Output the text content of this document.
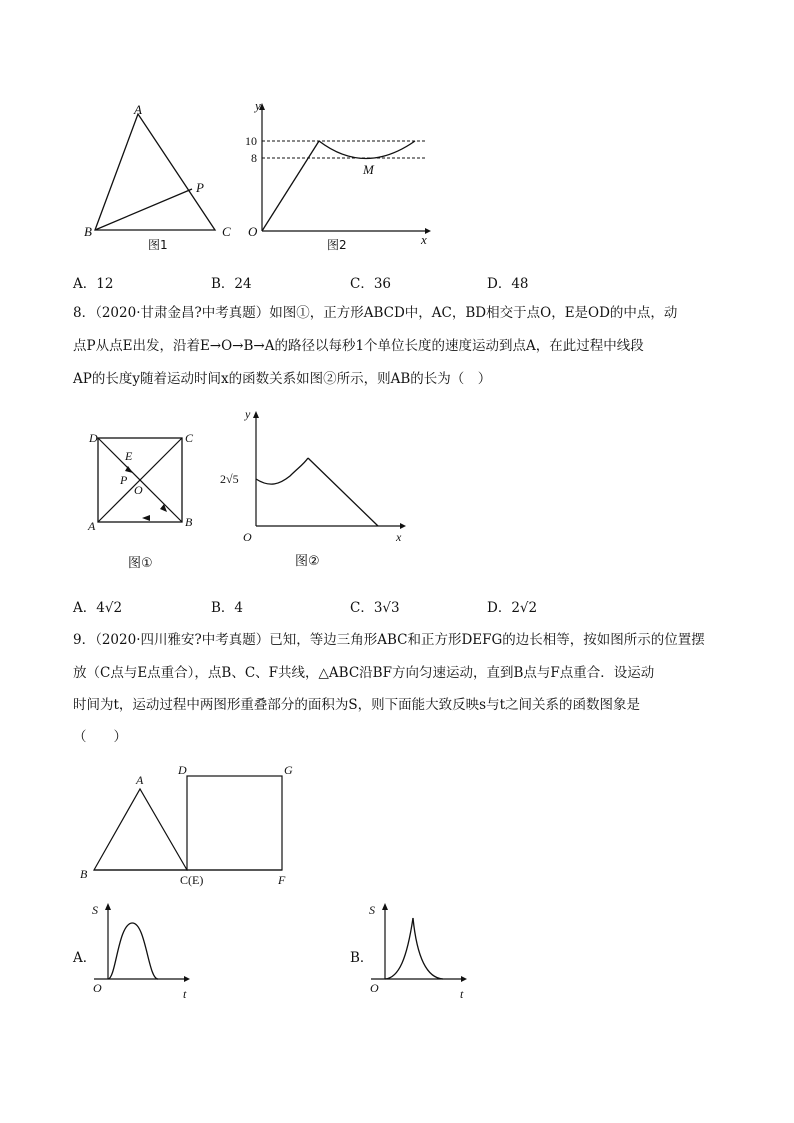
A
B	C
P
图1
y
x
O
10
8
M
图2
A．12	B．24	C．36	D．48
8．（2020·甘肃金昌?中考真题）如图①，正方形ABCD中，AC，BD相交于点O，E是OD的中点，动
点P从点E出发，沿着E→O→B→A的路径以每秒1个单位长度的速度运动到点A，在此过程中线段
AP的长度y随着运动时间x的函数关系如图②所示，则AB的长为（　）
D	C
A	B
E
P
O
图①
y
x
O
2√5
图②
A．4√2	B．4	C．3√3	D．2√2
9．（2020·四川雅安?中考真题）已知，等边三角形ABC和正方形DEFG的边长相等，按如图所示的位置摆
放（C点与E点重合），点B、C、F共线，△ABC沿BF方向匀速运动，直到B点与F点重合．设运动
时间为t，运动过程中两图形重叠部分的面积为S，则下面能大致反映s与t之间关系的函数图象是
（　　）
A
B	C(E)
D	G
F
A．
S
O	t
B．
S
O	t
